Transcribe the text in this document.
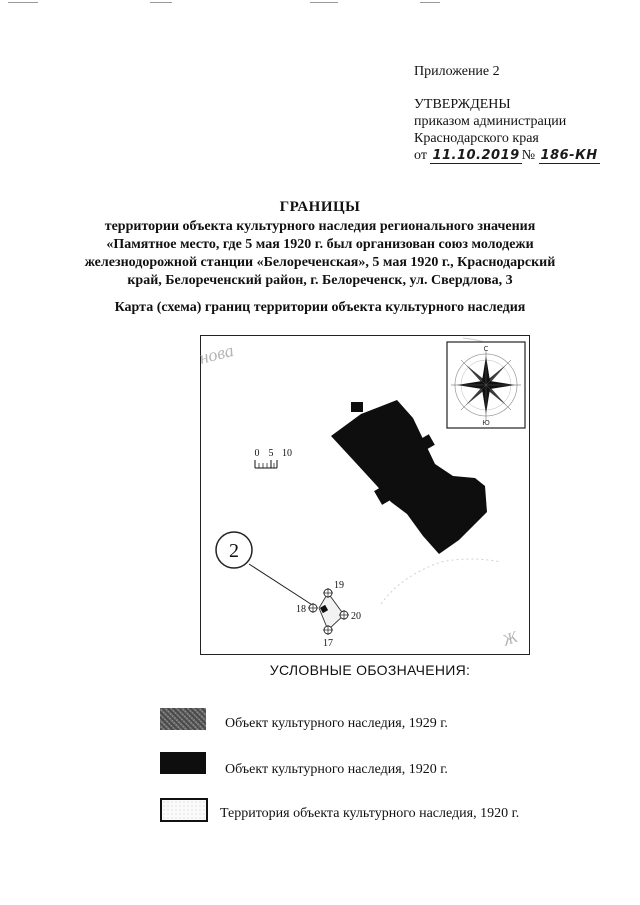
Приложение 2
УТВЕРЖДЕНЫ
приказом администрации
Краснодарского края
от 11.10.2019 № 186-КН
ГРАНИЦЫ
территории объекта культурного наследия регионального значения
«Памятное место, где 5 мая 1920 г. был организован союз молодежи
железнодорожной станции «Белореченская», 5 мая 1920 г., Краснодарский
край, Белореченский район, г. Белореченск, ул. Свердлова, 3
Карта (схема) границ территории объекта культурного наследия
нова	С
Ю
0 5 10
2
17
18
19
20
Ж
УСЛОВНЫЕ ОБОЗНАЧЕНИЯ:
Объект культурного наследия, 1929 г.
Объект культурного наследия, 1920 г.
Территория объекта культурного наследия, 1920 г.
